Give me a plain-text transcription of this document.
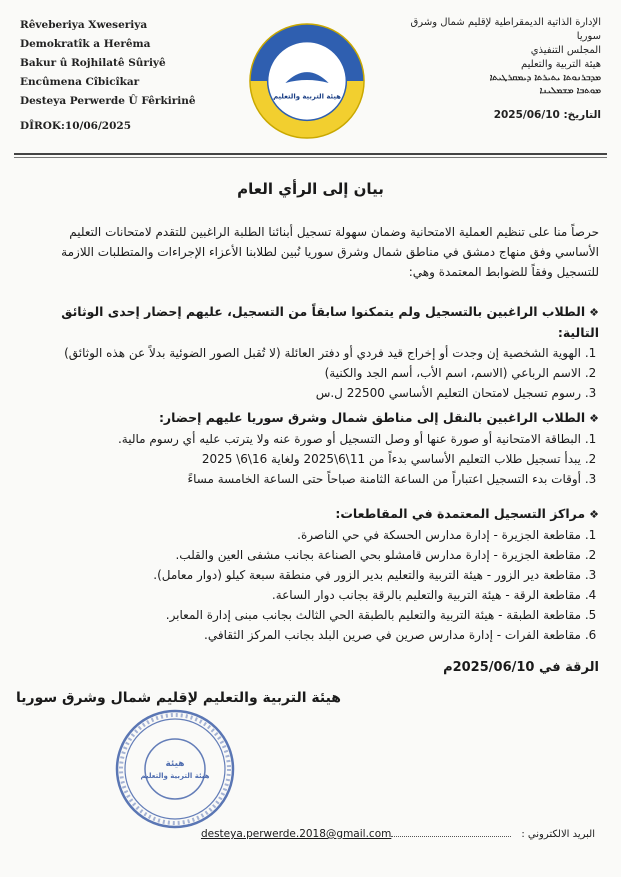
Rêveberiya Xweseriya Demokratîk a Herêma
Bakur û Rojhilatê Sûriyê
Encûmena Cîbicîkar
Desteya Perwerde Û Fêrkirinê
DÎROK:10/06/2025
هيئة التربية والتعليم
الإدارة الذاتية الديمقراطية لإقليم شمال وشرق سوريا
المجلس التنفيذي
هيئة التربية والتعليم
ܡܕܒܪܢܘܬܐ ܝܬܝܪܬܐ ܕܝܡܩܪܛܝܬܐ
ܡܘܬܒܐ ܡܫܡܠܝܢܐ
التاريخ: 2025/06/10
بيان إلى الرأي العام
حرصاً منا على تنظيم العملية الامتحانية وضمان سهولة تسجيل أبنائنا الطلبة الراغبين للتقدم لامتحانات التعليم الأساسي وفق منهاج دمشق في مناطق شمال وشرق سوريا نُبين لطلابنا الأعزاء الإجراءات والمتطلبات اللازمة للتسجيل وفقاً للضوابط المعتمدة وهي:
❖الطلاب الراغبين بالتسجيل ولم يتمكنوا سابقاً من التسجيل، عليهم إحضار إحدى الوثائق التالية:
1. الهوية الشخصية إن وجدت أو إخراج قيد فردي أو دفتر العائلة (لا تُقبل الصور الضوئية بدلاً عن هذه الوثائق)
2. الاسم الرباعي (الاسم، اسم الأب، أسم الجد والكنية)
3. رسوم تسجيل لامتحان التعليم الأساسي 22500 ل.س
❖الطلاب الراغبين بالنقل إلى مناطق شمال وشرق سوريا عليهم إحضار:
1. البطاقة الامتحانية أو صورة عنها أو وصل التسجيل أو صورة عنه ولا يترتب عليه أي رسوم مالية.
2. يبدأ تسجيل طلاب التعليم الأساسي بدءاً من 11\6\2025 ولغاية 16\6\ 2025
3. أوقات بدء التسجيل اعتباراً من الساعة الثامنة صباحاً حتى الساعة الخامسة مساءً
❖مراكز التسجيل المعتمدة في المقاطعات:
1. مقاطعة الجزيرة - إدارة مدارس الحسكة في حي الناصرة.
2. مقاطعة الجزيرة - إدارة مدارس قامشلو بحي الصناعة بجانب مشفى العين والقلب.
3. مقاطعة دير الزور - هيئة التربية والتعليم بدير الزور في منطقة سبعة كيلو (دوار معامل).
4. مقاطعة الرقة - هيئة التربية والتعليم بالرقة بجانب دوار الساعة.
5. مقاطعة الطبقة - هيئة التربية والتعليم بالطبقة الحي الثالث بجانب مبنى إدارة المعابر.
6. مقاطعة الفرات - إدارة مدارس صرين في صرين البلد بجانب المركز الثقافي.
الرقة في 2025/06/10م
هيئة التربية والتعليم لإقليم شمال وشرق سوريا
هيئة
هيئة التربية والتعليم
البريد الالكتروني :desteya.perwerde.2018@gmail.com
